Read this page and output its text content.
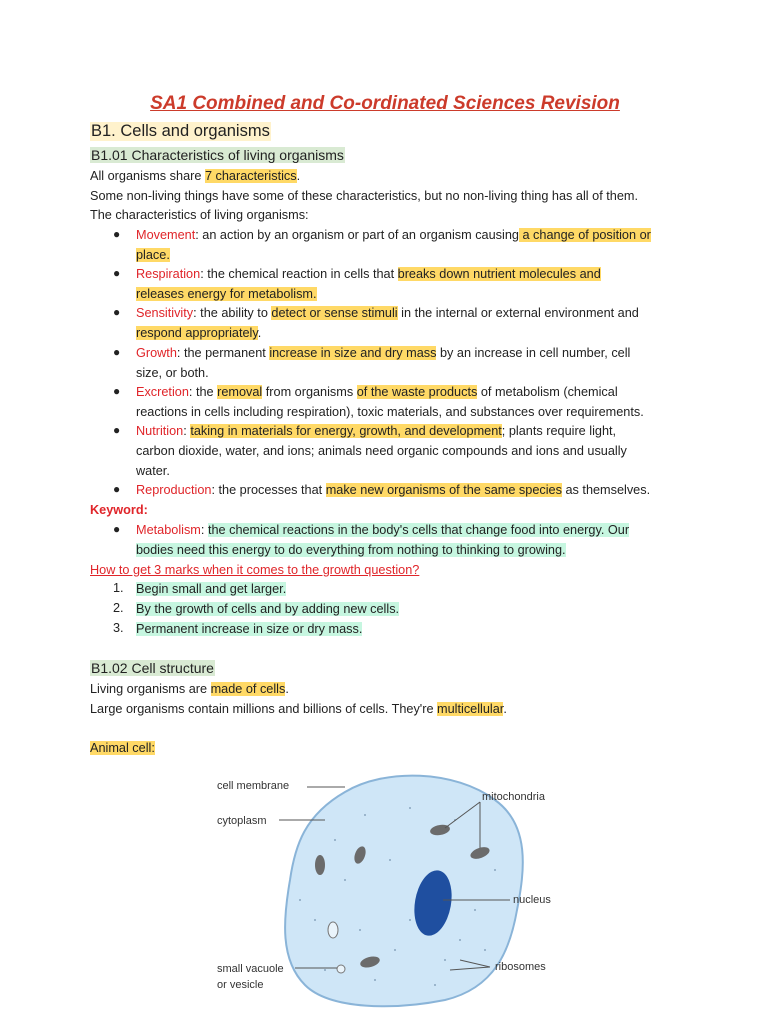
SA1 Combined and Co-ordinated Sciences Revision
B1. Cells and organisms
B1.01 Characteristics of living organisms
All organisms share 7 characteristics.
Some non-living things have some of these characteristics, but no non-living thing has all of them.
The characteristics of living organisms:
● Movement: an action by an organism or part of an organism causing a change of position or
place.
● Respiration: the chemical reaction in cells that breaks down nutrient molecules and
releases energy for metabolism.
● Sensitivity: the ability to detect or sense stimuli in the internal or external environment and
respond appropriately.
● Growth: the permanent increase in size and dry mass by an increase in cell number, cell
size, or both.
● Excretion: the removal from organisms of the waste products of metabolism (chemical
reactions in cells including respiration), toxic materials, and substances over requirements.
● Nutrition: taking in materials for energy, growth, and development; plants require light,
carbon dioxide, water, and ions; animals need organic compounds and ions and usually
water.
● Reproduction: the processes that make new organisms of the same species as themselves.
Keyword:
● Metabolism: the chemical reactions in the body's cells that change food into energy. Our
bodies need this energy to do everything from nothing to thinking to growing.
How to get 3 marks when it comes to the growth question?
1. Begin small and get larger.
2. By the growth of cells and by adding new cells.
3. Permanent increase in size or dry mass.
B1.02 Cell structure
Living organisms are made of cells.
Large organisms contain millions and billions of cells. They're multicellular.
Animal cell:
cell membrane
cytoplasm
mitochondria
nucleus
small vacuole
or vesicle
ribosomes
